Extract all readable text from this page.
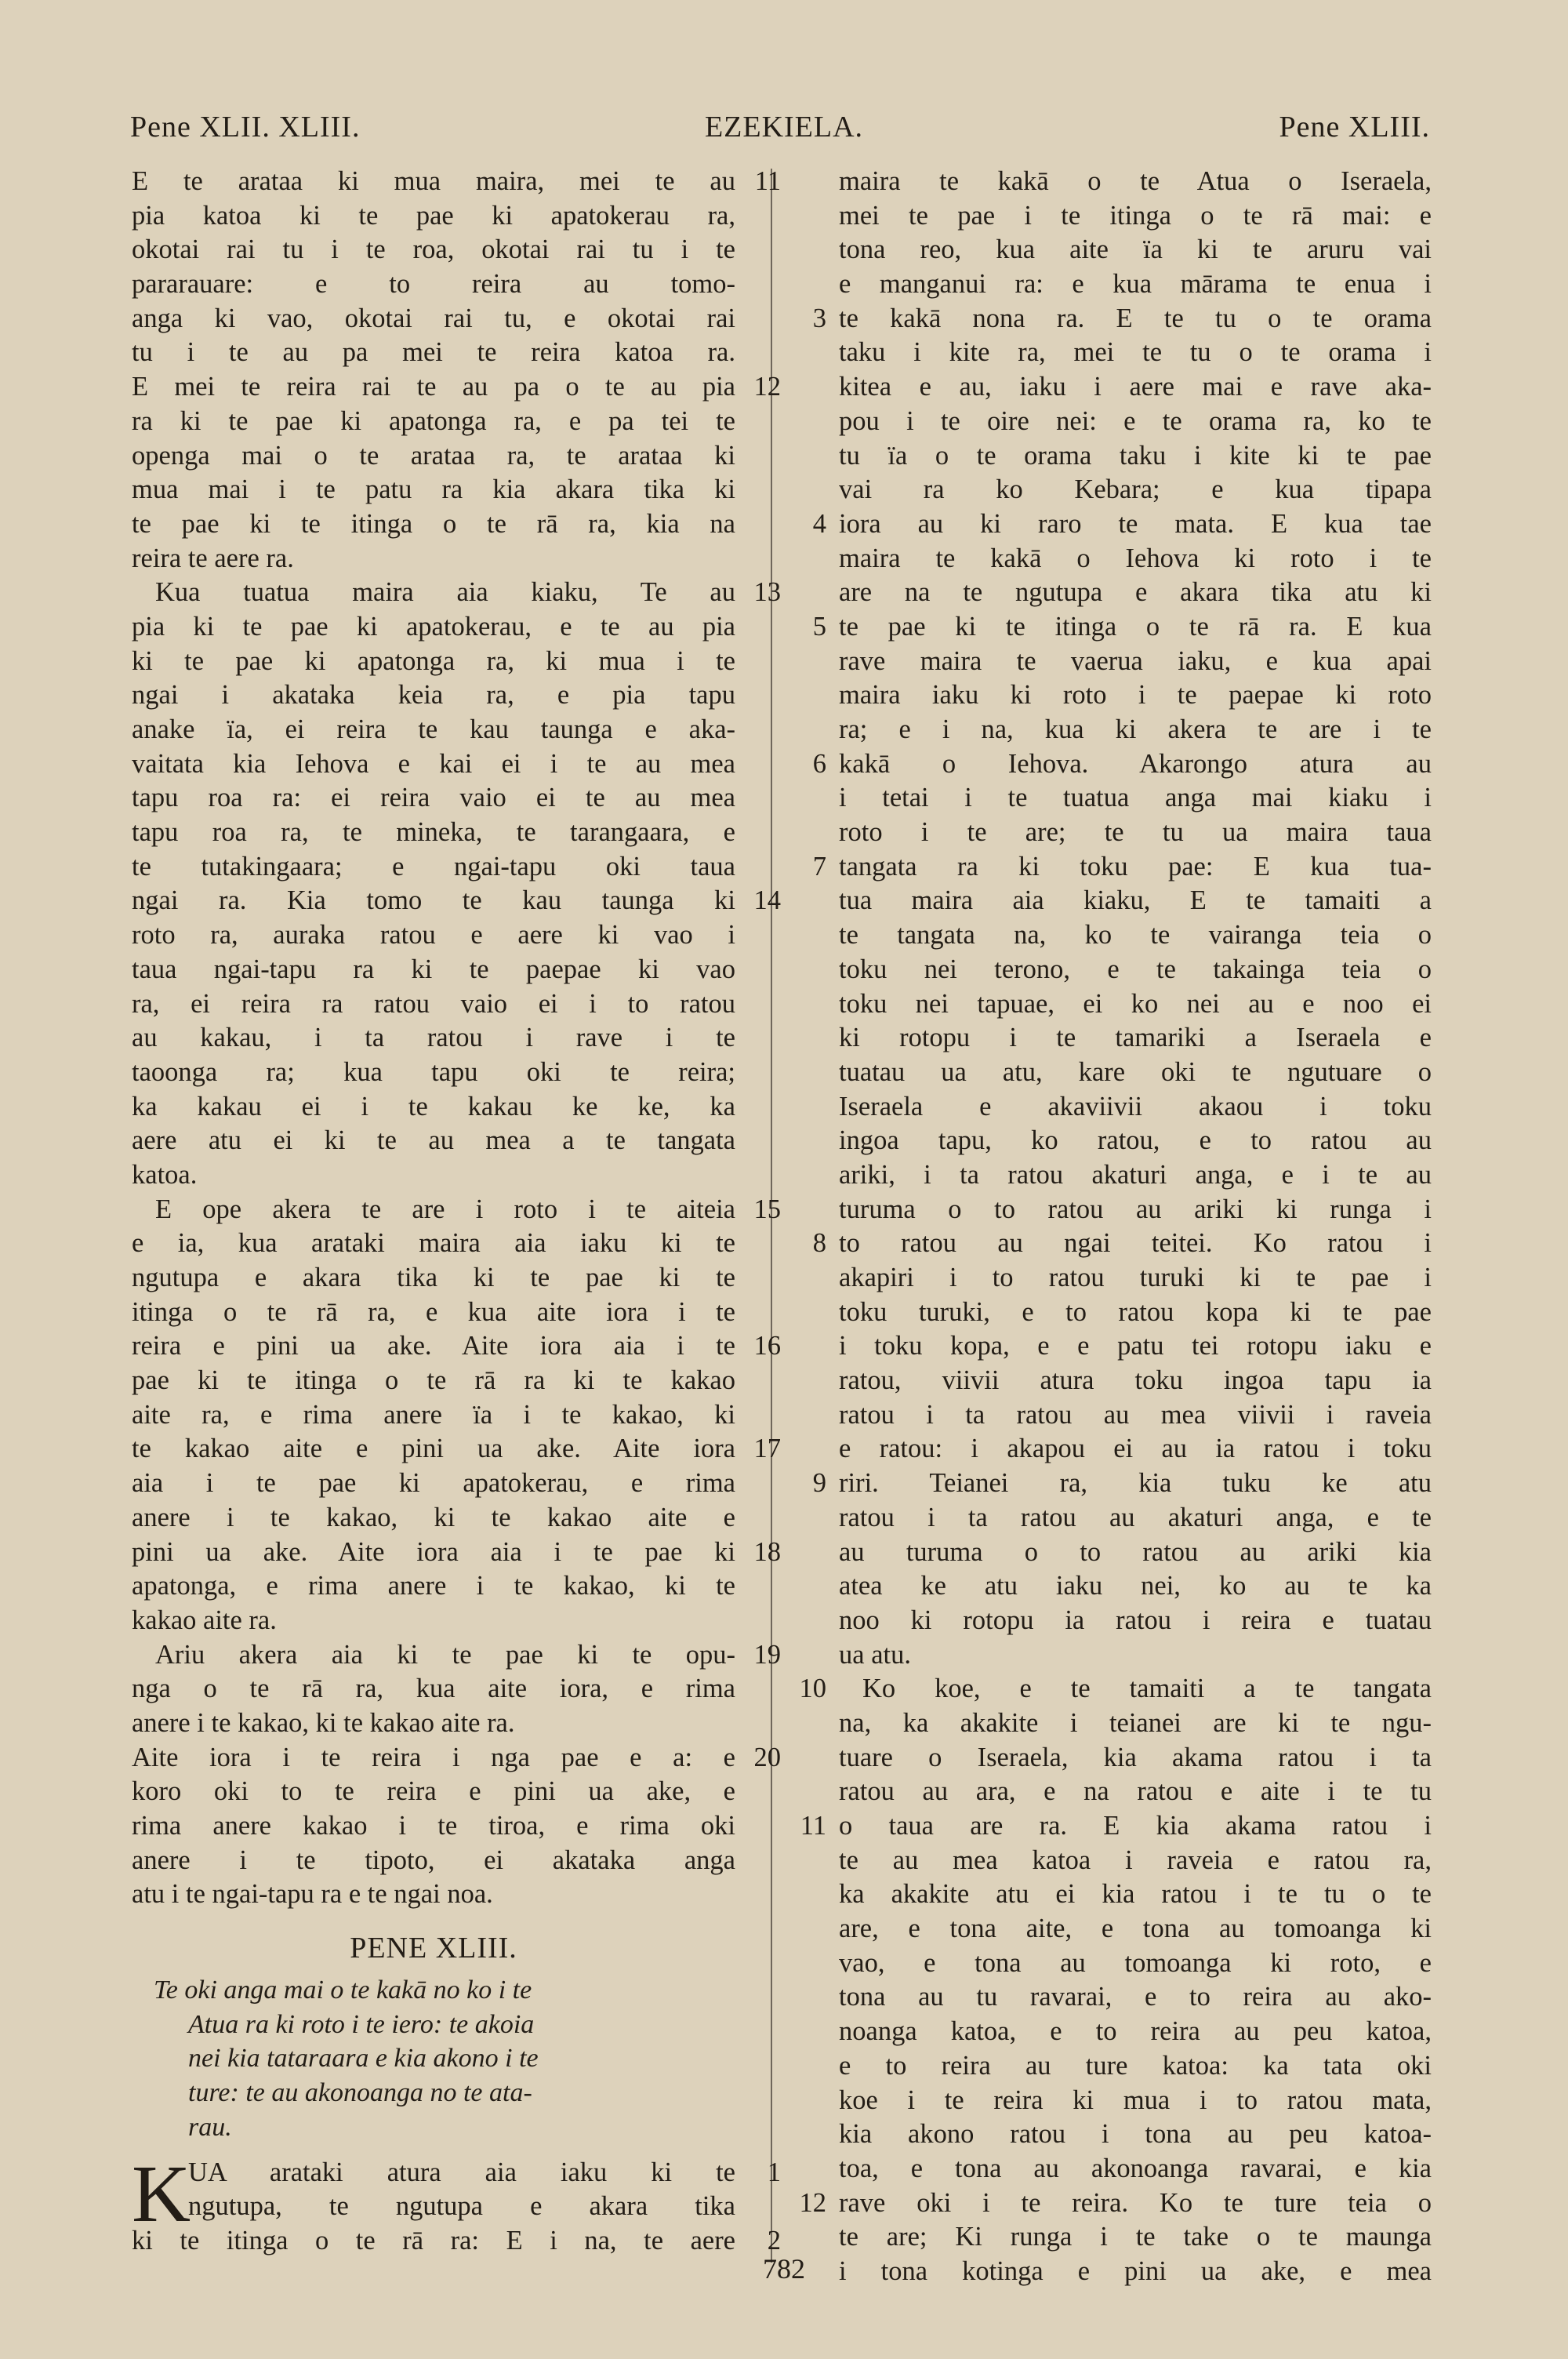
Pene XLII. XLIII.	EZEKIELA.	Pene XLIII.
E te arataa ki mua maira, mei te au 11
pia katoa ki te pae ki apatokerau ra,
okotai rai tu i te roa, okotai rai tu i te
pararauare: e to reira au tomo-
anga ki vao, okotai rai tu, e okotai rai
tu i te au pa mei te reira katoa ra.
E mei te reira rai te au pa o te au pia 12
ra ki te pae ki apatonga ra, e pa tei te
openga mai o te arataa ra, te arataa ki
mua mai i te patu ra kia akara tika ki
te pae ki te itinga o te rā ra, kia na
reira te aere ra.
Kua tuatua maira aia kiaku, Te au 13
pia ki te pae ki apatokerau, e te au pia
ki te pae ki apatonga ra, ki mua i te
ngai i akataka keia ra, e pia tapu
anake ïa, ei reira te kau taunga e aka-
vaitata kia Iehova e kai ei i te au mea
tapu roa ra: ei reira vaio ei te au mea
tapu roa ra, te mineka, te tarangaara, e
te tutakingaara; e ngai-tapu oki taua
ngai ra. Kia tomo te kau taunga ki 14
roto ra, auraka ratou e aere ki vao i
taua ngai-tapu ra ki te paepae ki vao
ra, ei reira ra ratou vaio ei i to ratou
au kakau, i ta ratou i rave i te
taoonga ra; kua tapu oki te reira;
ka kakau ei i te kakau ke ke, ka
aere atu ei ki te au mea a te tangata
katoa.
E ope akera te are i roto i te aiteia 15
e ia, kua arataki maira aia iaku ki te
ngutupa e akara tika ki te pae ki te
itinga o te rā ra, e kua aite iora i te
reira e pini ua ake. Aite iora aia i te 16
pae ki te itinga o te rā ra ki te kakao
aite ra, e rima anere ïa i te kakao, ki
te kakao aite e pini ua ake. Aite iora 17
aia i te pae ki apatokerau, e rima
anere i te kakao, ki te kakao aite e
pini ua ake. Aite iora aia i te pae ki 18
apatonga, e rima anere i te kakao, ki te
kakao aite ra.
Ariu akera aia ki te pae ki te opu- 19
nga o te rā ra, kua aite iora, e rima
anere i te kakao, ki te kakao aite ra.
Aite iora i te reira i nga pae e a: e 20
koro oki to te reira e pini ua ake, e
rima anere kakao i te tiroa, e rima oki
anere i te tipoto, ei akataka anga
atu i te ngai-tapu ra e te ngai noa.
PENE XLIII.
Te oki anga mai o te kakā no ko i te
Atua ra ki roto i te iero: te akoia
nei kia tataraara e kia akono i te
ture: te au akonoanga no te ata-
rau.
K
UA arataki atura aia iaku ki te 1
ngutupa, te ngutupa e akara tika
ki te itinga o te rā ra: E i na, te aere 2
maira te kakā o te Atua o Iseraela,
mei te pae i te itinga o te rā mai: e
tona reo, kua aite ïa ki te aruru vai
e manganui ra: e kua mārama te enua i
te kakā nona ra. E te tu o te orama
3
taku i kite ra, mei te tu o te orama i
kitea e au, iaku i aere mai e rave aka-
pou i te oire nei: e te orama ra, ko te
tu ïa o te orama taku i kite ki te pae
vai ra ko Kebara; e kua tipapa
iora au ki raro te mata. E kua tae
4
maira te kakā o Iehova ki roto i te
are na te ngutupa e akara tika atu ki
te pae ki te itinga o te rā ra. E kua
5
rave maira te vaerua iaku, e kua apai
maira iaku ki roto i te paepae ki roto
ra; e i na, kua ki akera te are i te
kakā o Iehova. Akarongo atura au
6
i tetai i te tuatua anga mai kiaku i
roto i te are; te tu ua maira taua
tangata ra ki toku pae: E kua tua-
7
tua maira aia kiaku, E te tamaiti a
te tangata na, ko te vairanga teia o
toku nei terono, e te takainga teia o
toku nei tapuae, ei ko nei au e noo ei
ki rotopu i te tamariki a Iseraela e
tuatau ua atu, kare oki te ngutuare o
Iseraela e akaviivii akaou i toku
ingoa tapu, ko ratou, e to ratou au
ariki, i ta ratou akaturi anga, e i te au
turuma o to ratou au ariki ki runga i
to ratou au ngai teitei. Ko ratou i
8
akapiri i to ratou turuki ki te pae i
toku turuki, e to ratou kopa ki te pae
i toku kopa, e e patu tei rotopu iaku e
ratou, viivii atura toku ingoa tapu ia
ratou i ta ratou au mea viivii i raveia
e ratou: i akapou ei au ia ratou i toku
riri. Teianei ra, kia tuku ke atu
9
ratou i ta ratou au akaturi anga, e te
au turuma o to ratou au ariki kia
atea ke atu iaku nei, ko au te ka
noo ki rotopu ia ratou i reira e tuatau
ua atu.
Ko koe, e te tamaiti a te tangata
10
na, ka akakite i teianei are ki te ngu-
tuare o Iseraela, kia akama ratou i ta
ratou au ara, e na ratou e aite i te tu
o taua are ra. E kia akama ratou i
11
te au mea katoa i raveia e ratou ra,
ka akakite atu ei kia ratou i te tu o te
are, e tona aite, e tona au tomoanga ki
vao, e tona au tomoanga ki roto, e
tona au tu ravarai, e to reira au ako-
noanga katoa, e to reira au peu katoa,
e to reira au ture katoa: ka tata oki
koe i te reira ki mua i to ratou mata,
kia akono ratou i tona au peu katoa-
toa, e tona au akonoanga ravarai, e kia
rave oki i te reira. Ko te ture teia o
12
te are; Ki runga i te take o te maunga
i tona kotinga e pini ua ake, e mea
782
